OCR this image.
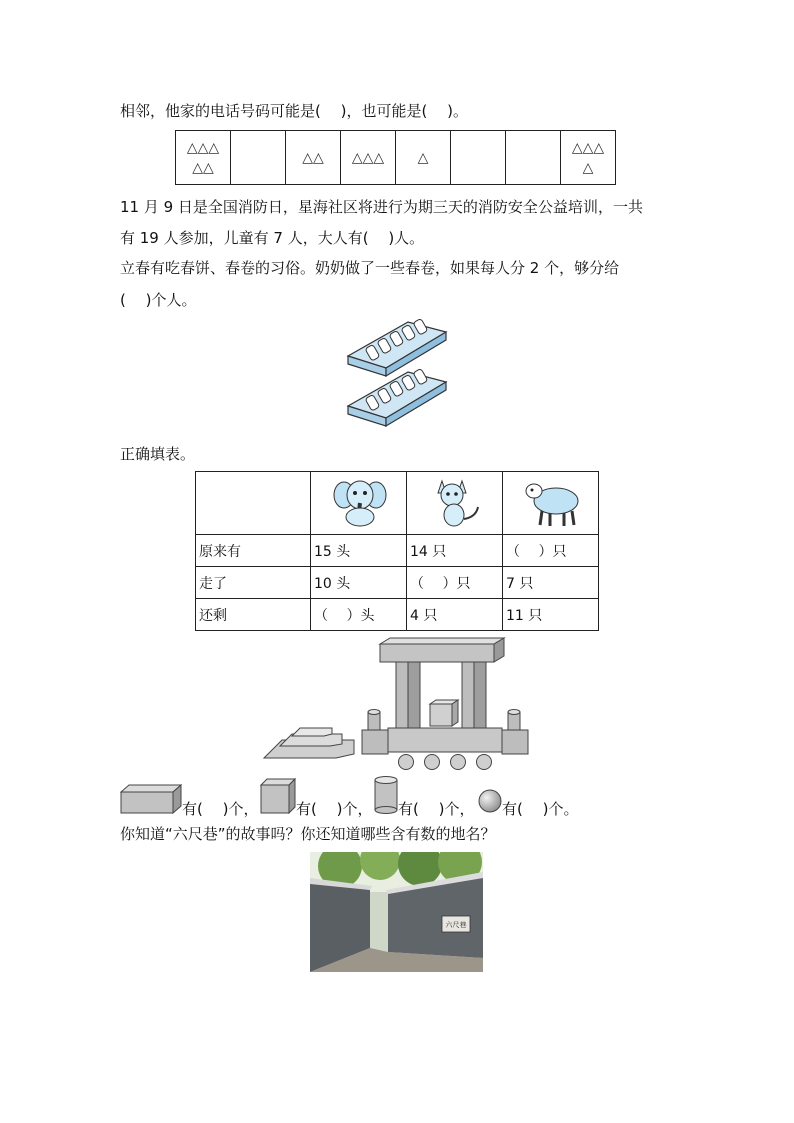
相邻，他家的电话号码可能是(　 )，也可能是(　 )。
△△△
△△		△△	△△△	△			△△△
△
11 月 9 日是全国消防日，星海社区将进行为期三天的消防安全公益培训，一共
有 19 人参加，儿童有 7 人，大人有(　 )人。
立春有吃春饼、春卷的习俗。奶奶做了一些春卷，如果每人分 2 个，够分给
(　 )个人。
正确填表。

原来有	15 头	14 只	（　 ）只
走了	10 头	（　 ）只	7 只
还剩	（　 ）头	4 只	11 只
有(　 )个，	有(　 )个， 有(　 )个， 有(　 )个。
你知道“六尺巷”的故事吗？你还知道哪些含有数的地名？
六尺巷
